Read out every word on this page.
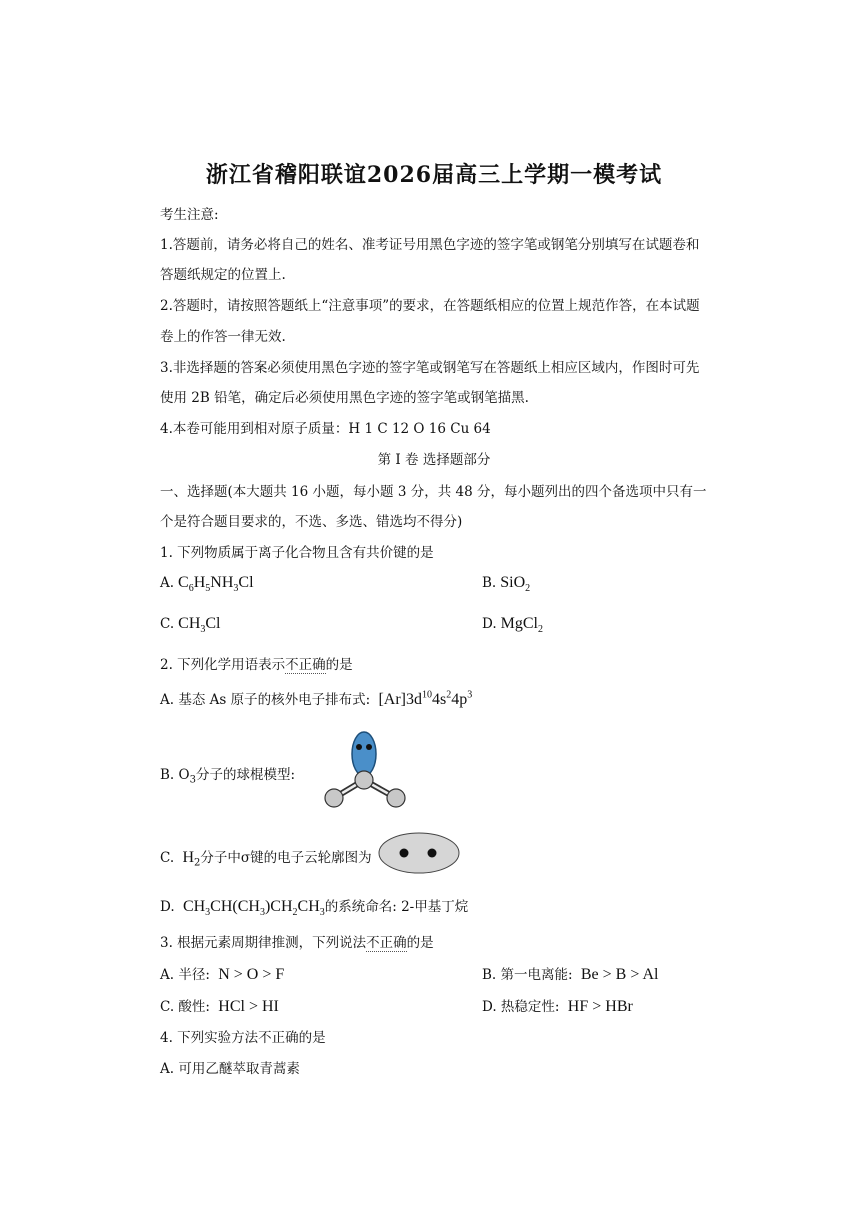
浙江省稽阳联谊2026届高三上学期一模考试
考生注意:
1.答题前，请务必将自己的姓名、准考证号用黑色字迹的签字笔或钢笔分别填写在试题卷和
答题纸规定的位置上.
2.答题时，请按照答题纸上“注意事项”的要求，在答题纸相应的位置上规范作答，在本试题
卷上的作答一律无效.
3.非选择题的答案必须使用黑色字迹的签字笔或钢笔写在答题纸上相应区域内，作图时可先
使用 2B 铅笔，确定后必须使用黑色字迹的签字笔或钢笔描黑.
4.本卷可能用到相对原子质量：H 1 C 12 O 16 Cu 64
第 I 卷 选择题部分
一、选择题(本大题共 16 小题，每小题 3 分，共 48 分，每小题列出的四个备选项中只有一
个是符合题目要求的，不选、多选、错选均不得分)
1. 下列物质属于离子化合物且含有共价键的是
A. $C_6H_5NH_3Cl$	B. SiO$_2$
C. $CH_3Cl$	D. MgCl$_2$
2. 下列化学用语表示不正确的是
A. 基态 As 原子的核外电子排布式: $[Ar]3d^{10}4s^24p^3$
B. $O_3$分子的球棍模型:
C. $H_2$分子中σ键的电子云轮廓图为
D. $CH_3CH(CH_3)CH_2CH_3$的系统命名: 2-甲基丁烷
3. 根据元素周期律推测，下列说法不正确的是
A. 半径: N > O > F	B. 第一电离能: Be > B > Al
C. 酸性: HCl > HI	D. 热稳定性: HF > HBr
4. 下列实验方法不正确的是
A. 可用乙醚萃取青蒿素
